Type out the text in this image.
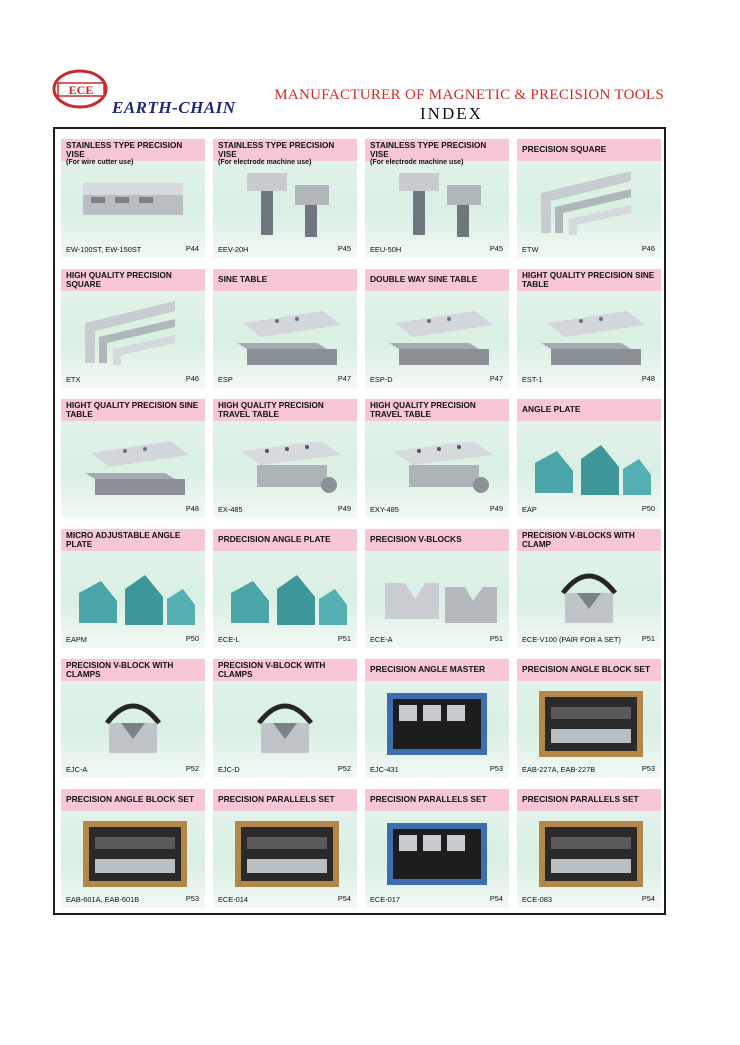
ECE
EARTH-CHAIN
MANUFACTURER OF MAGNETIC & PRECISION TOOLS
INDEX
STAINLESS TYPE PRECISION VISE
(For wire cutter use)
EW-100ST, EW-150ST	P44
STAINLESS TYPE PRECISION VISE
(For electrode machine use)
EEV-20H	P45
STAINLESS TYPE PRECISION VISE
(For electrode machine use)
EEU-50H	P45
PRECISION SQUARE
ETW	P46
HIGH QUALITY PRECISION SQUARE
ETX	P46
SINE TABLE
ESP	P47
DOUBLE WAY SINE TABLE
ESP-D	P47
HIGHT QUALITY PRECISION SINE TABLE
EST-1	P48
HIGHT QUALITY PRECISION SINE TABLE
P48
HIGH QUALITY PRECISION TRAVEL TABLE
EX-485	P49
HIGH QUALITY PRECISION TRAVEL TABLE
EXY-485	P49
ANGLE PLATE
EAP	P50
MICRO ADJUSTABLE ANGLE PLATE
EAPM	P50
PRDECISION ANGLE PLATE
ECE-L	P51
PRECISION V-BLOCKS
ECE-A	P51
PRECISION V-BLOCKS WITH CLAMP
ECE-V100 (PAIR FOR A SET)	P51
PRECISION V-BLOCK WITH CLAMPS
EJC-A	P52
PRECISION V-BLOCK WITH CLAMPS
EJC-D	P52
PRECISION ANGLE MASTER
EJC-431	P53
PRECISION ANGLE BLOCK SET
EAB-227A, EAB-227B	P53
PRECISION ANGLE BLOCK SET
EAB-601A, EAB-601B	P53
PRECISION PARALLELS SET
ECE-014	P54
PRECISION PARALLELS SET
ECE-017	P54
PRECISION PARALLELS SET
ECE-083	P54
